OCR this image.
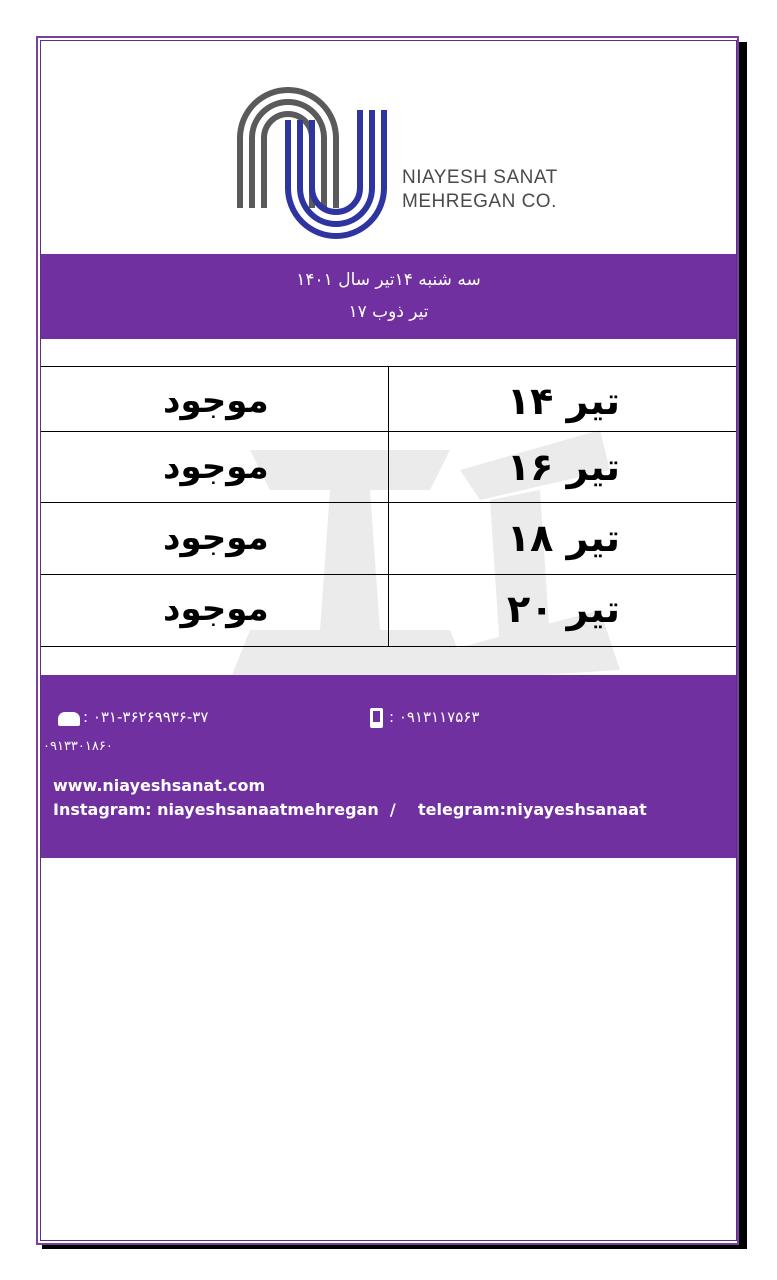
NIAYESH SANAT
MEHREGAN CO.
سه شنبه ۱۴تیر سال ۱۴۰۱
تیر ذوب ۱۷
تیر ۱۴
موجود
تیر ۱۶
موجود
تیر ۱۸
موجود
تیر ۲۰
موجود
: ۰۳۱-۳۶۲۶۹۹۳۶-۳۷	: ۰۹۱۳۱۱۷۵۶۳
۰۹۱۳۳۰۱۸۶۰
www.niayeshsanat.com
Instagram: niayeshsanaatmehregan  /    telegram:niyayeshsanaat
